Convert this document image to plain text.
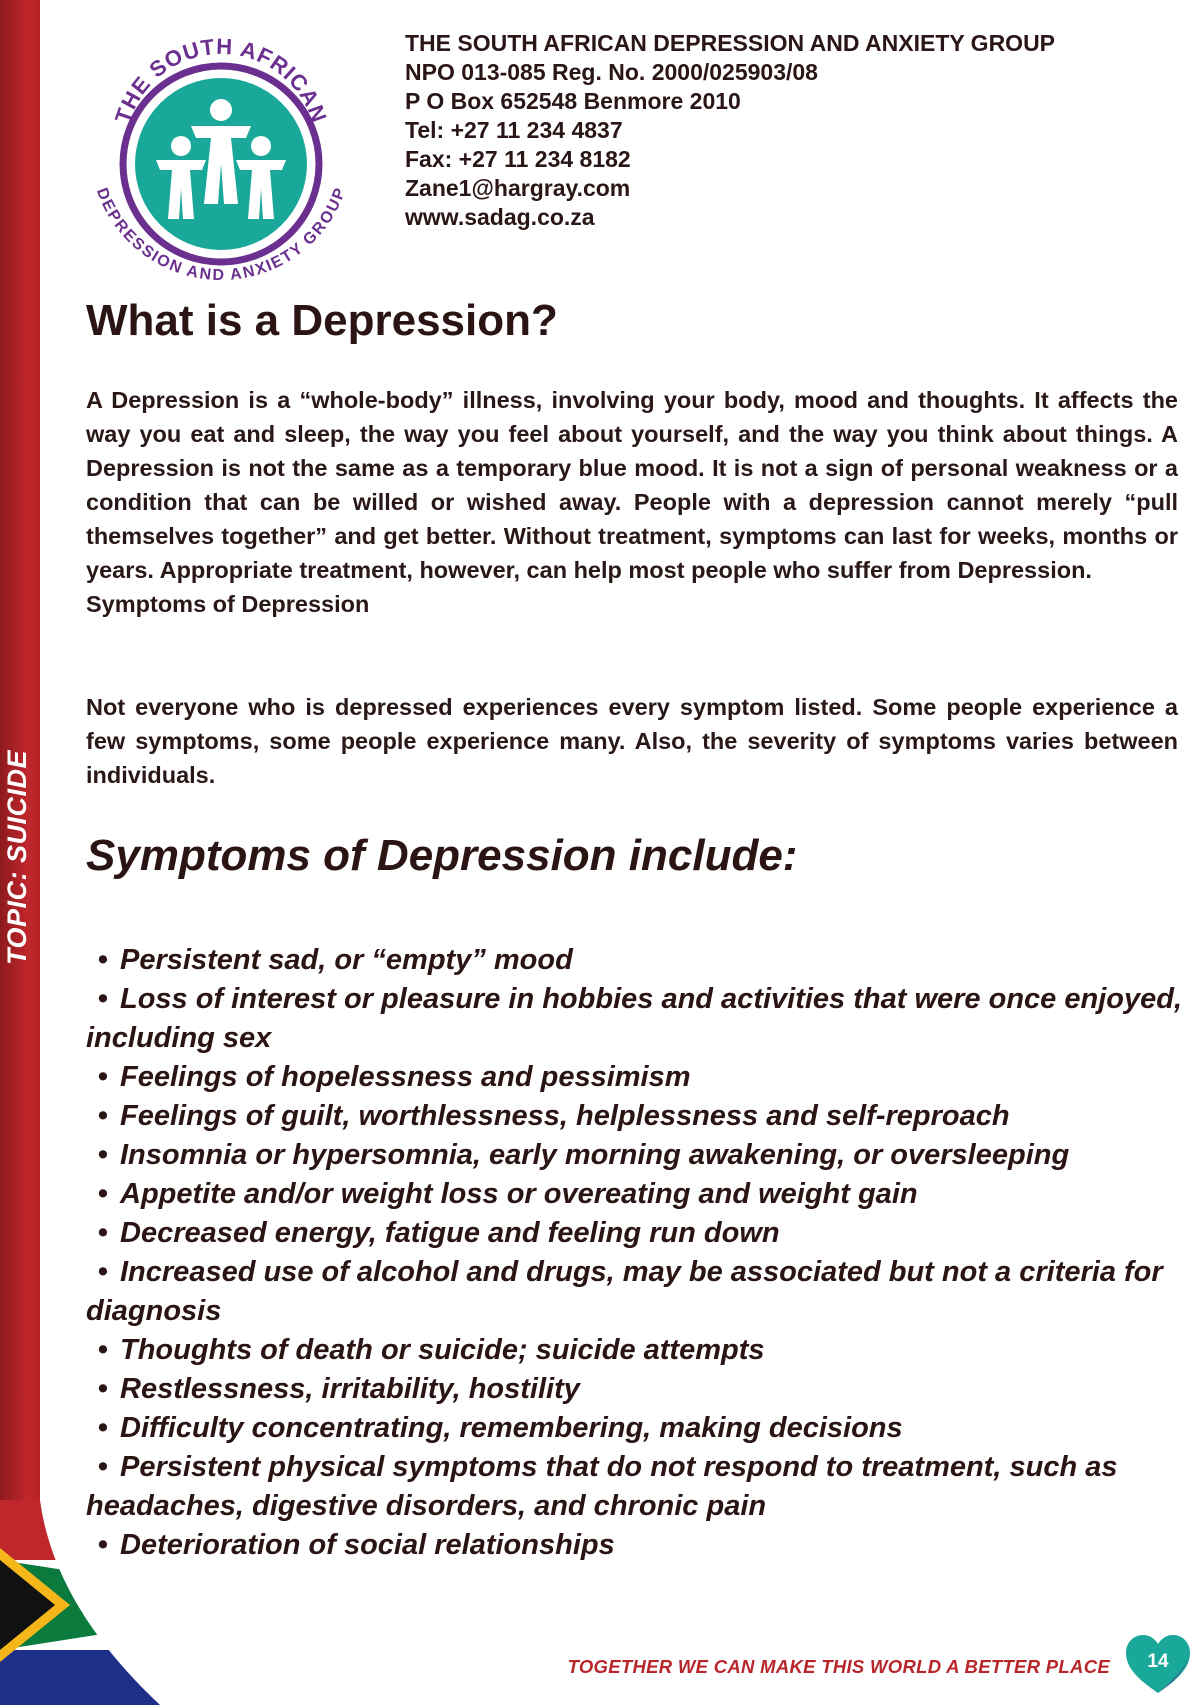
THE SOUTH AFRICAN
DEPRESSION AND ANXIETY GROUP
THE SOUTH AFRICAN DEPRESSION AND ANXIETY GROUP
NPO 013-085 Reg. No. 2000/025903/08
P O Box 652548 Benmore 2010
Tel: +27 11 234 4837
Fax: +27 11 234 8182
Zane1@hargray.com
www.sadag.co.za
What is a Depression?

A Depression is a “whole-body” illness, involving your body, mood and thoughts. It affects the way you eat and sleep, the way you feel about yourself, and the way you think about things. A Depression is not the same as a temporary blue mood. It is not a sign of personal weakness or a condition that can be willed or wished away. People with a depression cannot merely “pull themselves together” and get better. Without treatment, symptoms can last for weeks, months or years. Appropriate treatment, however, can help most people who suffer from Depression.
Symptoms of Depression

Not everyone who is depressed experiences every symptom listed. Some people experience a few symptoms, some people experience many. Also, the severity of symptoms varies between individuals.

Symptoms of Depression include:
• Persistent sad, or “empty” mood
• Loss of interest or pleasure in hobbies and activities that were once enjoyed, including sex
• Feelings of hopelessness and pessimism
• Feelings of guilt, worthlessness, helplessness and self-reproach
• Insomnia or hypersomnia, early morning awakening, or oversleeping
• Appetite and/or weight loss or overeating and weight gain
• Decreased energy, fatigue and feeling run down
• Increased use of alcohol and drugs, may be associated but not a criteria for diagnosis
• Thoughts of death or suicide; suicide attempts
• Restlessness, irritability, hostility
• Difficulty concentrating, remembering, making decisions
• Persistent physical symptoms that do not respond to treatment, such as headaches, digestive disorders, and chronic pain
• Deterioration of social relationships
TOGETHER WE CAN MAKE THIS WORLD A BETTER PLACE 14
